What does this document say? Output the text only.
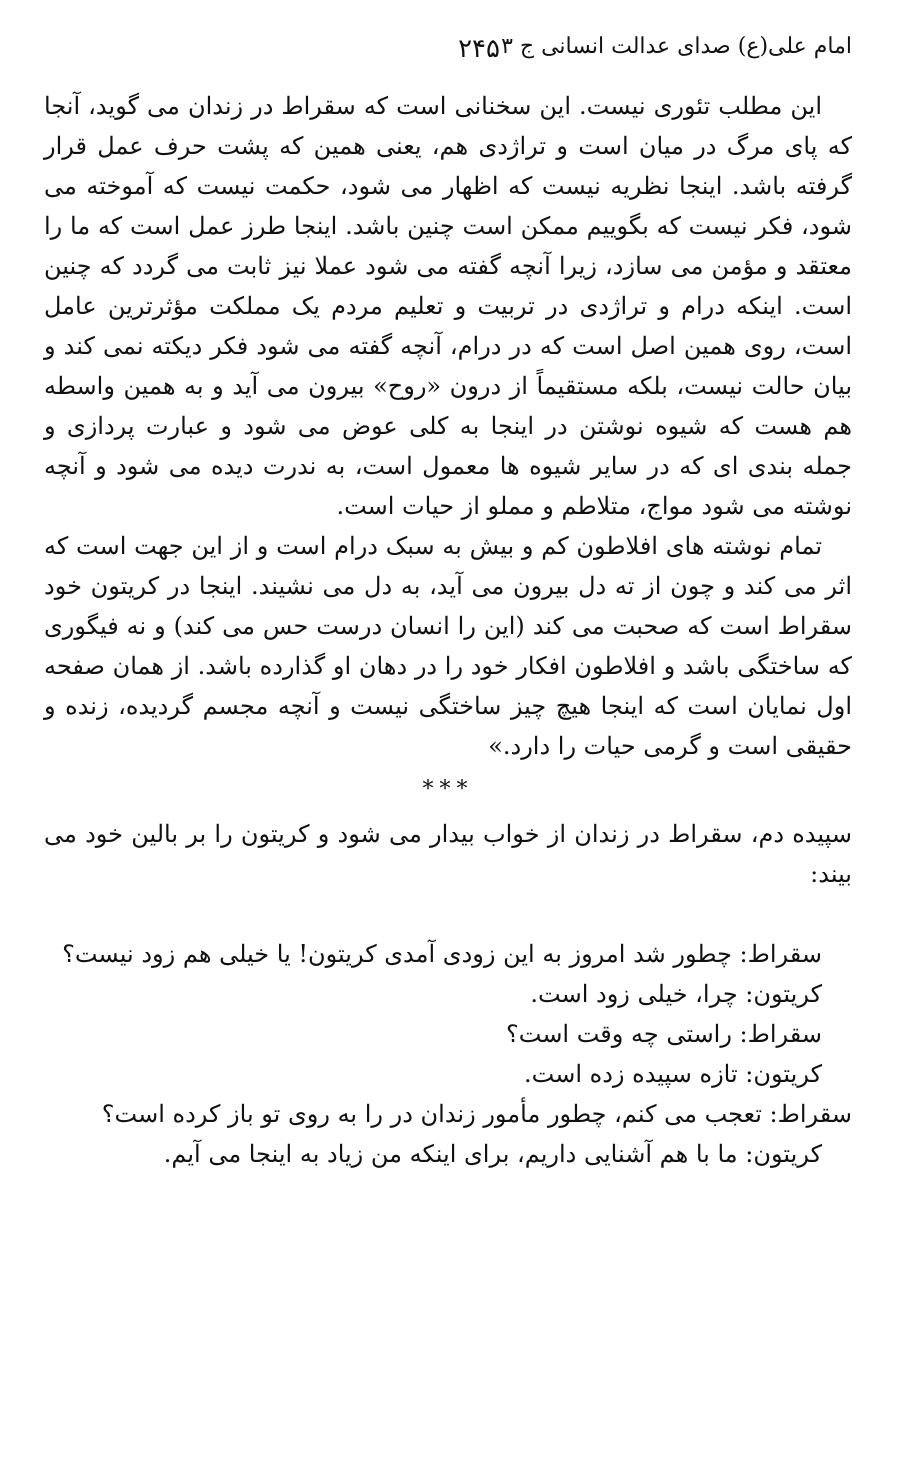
امام علی(ع) صدای عدالت انسانی ج ۳
۲۴۵

این مطلب تئوری نیست. این سخنانی است که سقراط در زندان می گوید، آنجا که پای مرگ در میان است و تراژدی هم، یعنی همین که پشت حرف عمل قرار گرفته باشد. اینجا نظریه نیست که اظهار می شود، حکمت نیست که آموخته می شود، فکر نیست که بگوییم ممکن است چنین باشد. اینجا طرز عمل است که ما را معتقد و مؤمن می سازد، زیرا آنچه گفته می شود عملا نیز ثابت می گردد که چنین است. اینکه درام و تراژدی در تربیت و تعلیم مردم یک مملکت مؤثرترین عامل است، روی همین اصل است که در درام، آنچه گفته می شود فکر دیکته نمی کند و بیان حالت نیست، بلکه مستقیماً از درون «روح» بیرون می آید و به همین واسطه هم هست که شیوه نوشتن در اینجا به کلی عوض می شود و عبارت پردازی و جمله بندی ای که در سایر شیوه ها معمول است، به ندرت دیده می شود و آنچه نوشته می شود مواج، متلاطم و مملو از حیات است.

تمام نوشته های افلاطون کم و بیش به سبک درام است و از این جهت است که اثر می کند و چون از ته دل بیرون می آید، به دل می نشیند. اینجا در کریتون خود سقراط است که صحبت می کند (این را انسان درست حس می کند) و نه فیگوری که ساختگی باشد و افلاطون افکار خود را در دهان او گذارده باشد. از همان صفحه اول نمایان است که اینجا هیچ چیز ساختگی نیست و آنچه مجسم گردیده، زنده و حقیقی است و گرمی حیات را دارد.»

***

سپیده دم، سقراط در زندان از خواب بیدار می شود و کریتون را بر بالین خود می بیند:

سقراط: چطور شد امروز به این زودی آمدی کریتون! یا خیلی هم زود نیست؟

کریتون: چرا، خیلی زود است.

سقراط: راستی چه وقت است؟

کریتون: تازه سپیده زده است.

سقراط: تعجب می کنم، چطور مأمور زندان در را به روی تو باز کرده است؟

کریتون: ما با هم آشنایی داریم، برای اینکه من زیاد به اینجا می آیم.
